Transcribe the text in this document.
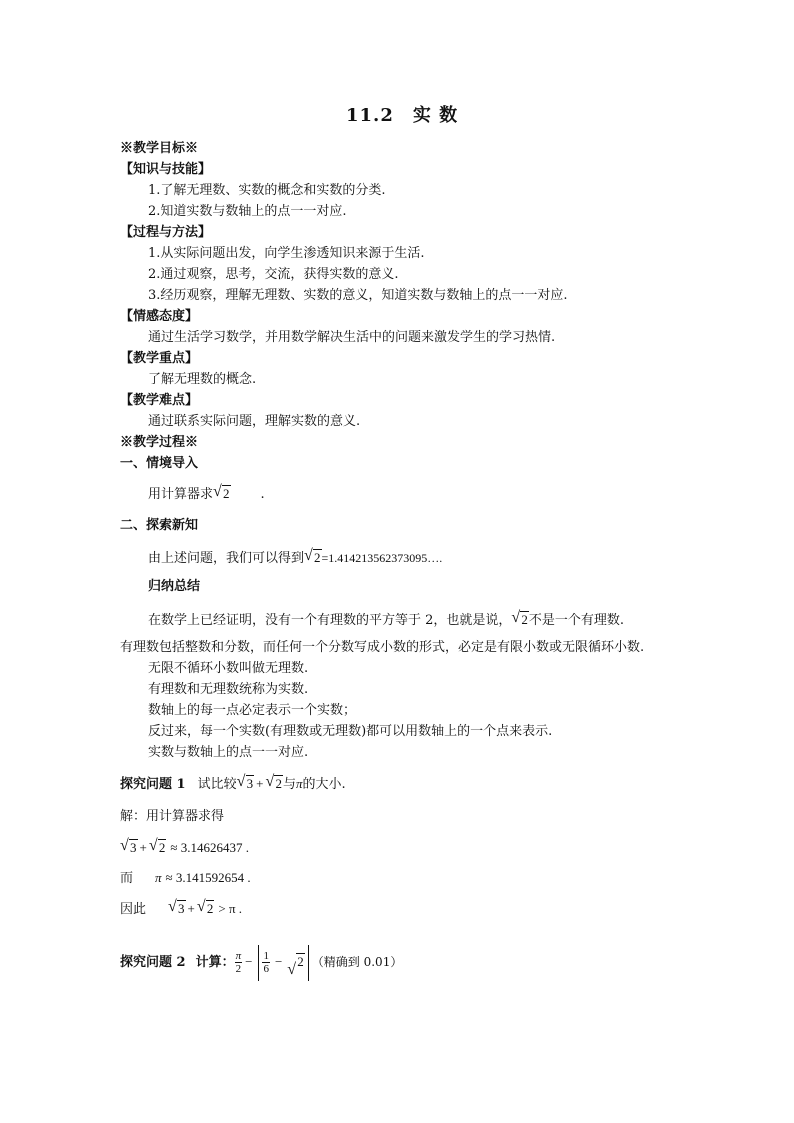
11.2　实 数
※教学目标※
【知识与技能】
1.了解无理数、实数的概念和实数的分类.
2.知道实数与数轴上的点一一对应.
【过程与方法】
1.从实际问题出发，向学生渗透知识来源于生活.
2.通过观察，思考，交流，获得实数的意义.
3.经历观察，理解无理数、实数的意义，知道实数与数轴上的点一一对应.
【情感态度】
通过生活学习数学，并用数学解决生活中的问题来激发学生的学习热情.
【教学重点】
了解无理数的概念.
【教学难点】
通过联系实际问题，理解实数的意义.
※教学过程※
一、情境导入
用计算器求 √ 2 .
二、探索新知
由上述问题，我们可以得到 √ 2=1.414213562373095….
归纳总结
在数学上已经证明，没有一个有理数的平方等于 2，也就是说， √ 2不是一个有理数.
有理数包括整数和分数，而任何一个分数写成小数的形式，必定是有限小数或无限循环小数.
无限不循环小数叫做无理数.
有理数和无理数统称为实数.
数轴上的每一点必定表示一个实数；
反过来，每一个实数(有理数或无理数)都可以用数轴上的一个点来表示.
实数与数轴上的点一一对应.
探究问题 1 试比较 √ 3 + √ 2与π的大小.
解：用计算器求得
√ 3 + √ 2 ≈ 3.14626437 .
而 π ≈ 3.141592654 .
因此 √ 3 + √ 2 > π .
探究问题 2 计算： $\frac{\pi}{2} - \frac{1}{6}$ − √ 2 （精确到 0.01）
